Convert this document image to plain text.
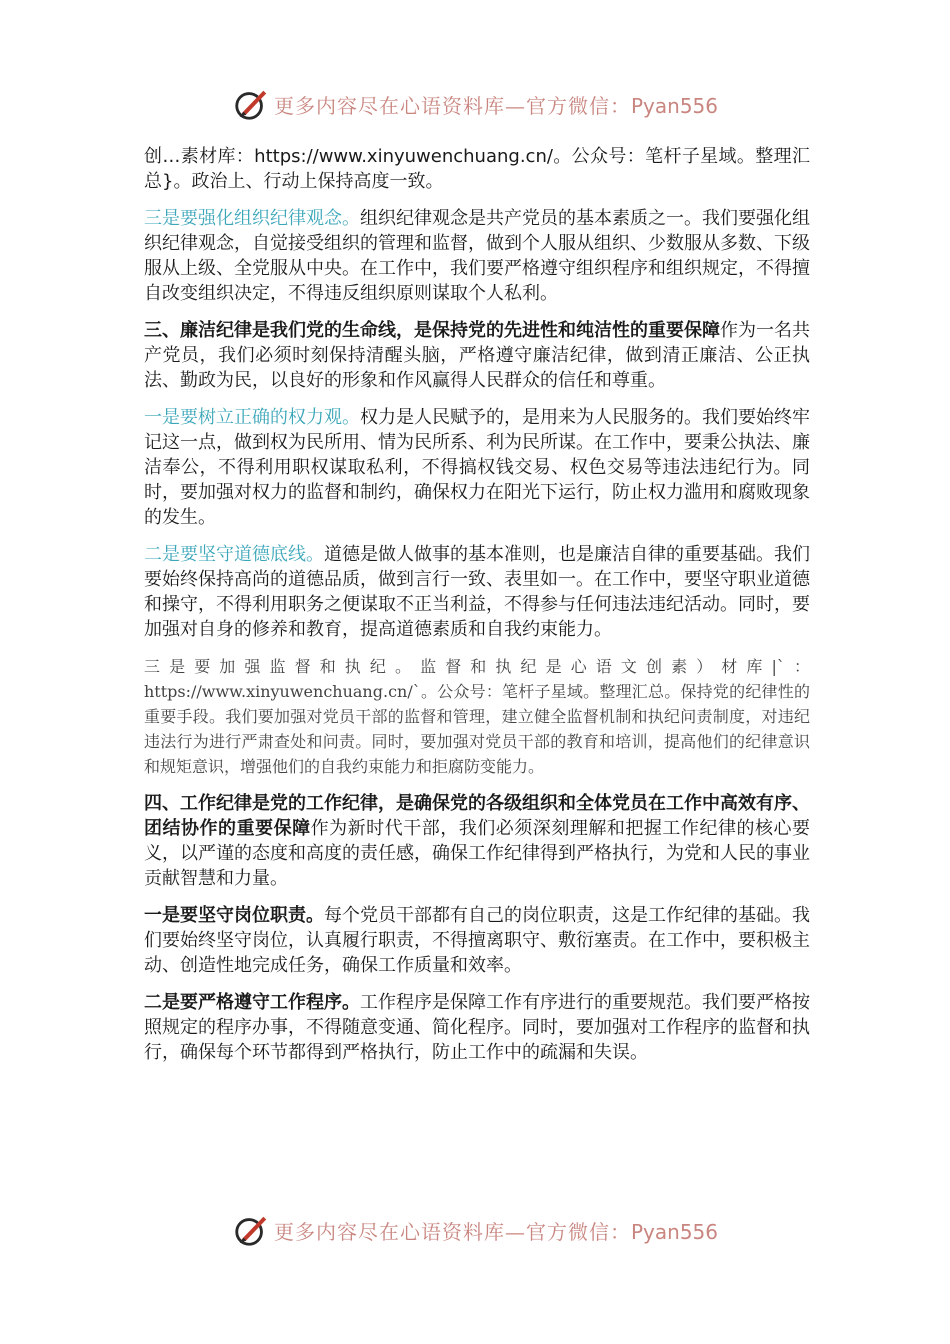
更多内容尽在心语资料库—官方微信：Pyan556

创…素材库：https://www.xinyuwenchuang.cn/。公众号：笔杆子星域。整理汇总}。政治上、行动上保持高度一致。

三是要强化组织纪律观念。组织纪律观念是共产党员的基本素质之一。我们要强化组织纪律观念，自觉接受组织的管理和监督，做到个人服从组织、少数服从多数、下级服从上级、全党服从中央。在工作中，我们要严格遵守组织程序和组织规定，不得擅自改变组织决定，不得违反组织原则谋取个人私利。

三、廉洁纪律是我们党的生命线，是保持党的先进性和纯洁性的重要保障作为一名共产党员，我们必须时刻保持清醒头脑，严格遵守廉洁纪律，做到清正廉洁、公正执法、勤政为民，以良好的形象和作风赢得人民群众的信任和尊重。

一是要树立正确的权力观。权力是人民赋予的，是用来为人民服务的。我们要始终牢记这一点，做到权为民所用、情为民所系、利为民所谋。在工作中，要秉公执法、廉洁奉公，不得利用职权谋取私利，不得搞权钱交易、权色交易等违法违纪行为。同时，要加强对权力的监督和制约，确保权力在阳光下运行，防止权力滥用和腐败现象的发生。

二是要坚守道德底线。道德是做人做事的基本准则，也是廉洁自律的重要基础。我们要始终保持高尚的道德品质，做到言行一致、表里如一。在工作中，要坚守职业道德和操守，不得利用职务之便谋取不正当利益，不得参与任何违法违纪活动。同时，要加强对自身的修养和教育，提高道德素质和自我约束能力。

三是要加强监督和执纪。监督和执纪是心语文创素）材库|`：https://www.xinyuwenchuang.cn/`。公众号：笔杆子星域。整理汇总。保持党的纪律性的重要手段。我们要加强对党员干部的监督和管理，建立健全监督机制和执纪问责制度，对违纪违法行为进行严肃查处和问责。同时，要加强对党员干部的教育和培训，提高他们的纪律意识和规矩意识，增强他们的自我约束能力和拒腐防变能力。

四、工作纪律是党的工作纪律，是确保党的各级组织和全体党员在工作中高效有序、团结协作的重要保障作为新时代干部，我们必须深刻理解和把握工作纪律的核心要义，以严谨的态度和高度的责任感，确保工作纪律得到严格执行，为党和人民的事业贡献智慧和力量。

一是要坚守岗位职责。每个党员干部都有自己的岗位职责，这是工作纪律的基础。我们要始终坚守岗位，认真履行职责，不得擅离职守、敷衍塞责。在工作中，要积极主动、创造性地完成任务，确保工作质量和效率。

二是要严格遵守工作程序。工作程序是保障工作有序进行的重要规范。我们要严格按照规定的程序办事，不得随意变通、简化程序。同时，要加强对工作程序的监督和执行，确保每个环节都得到严格执行，防止工作中的疏漏和失误。

更多内容尽在心语资料库—官方微信：Pyan556
